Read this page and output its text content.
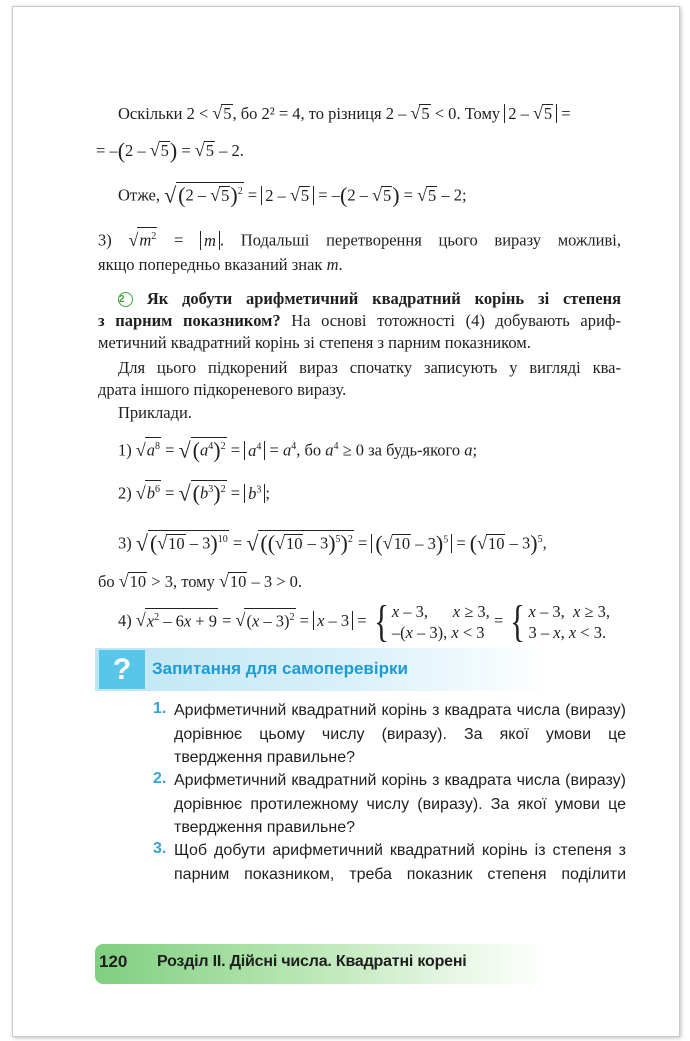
Оскільки 2 < √5, бо 2² = 4, то різниця 2 – √5 < 0. Тому 2 – √5 =
= –(2 – √5) = √5 – 2.
Отже, √(2 – √5)$^2$ = 2 – √5 = –(2 – √5) = √5 – 2;
3) $√m^2 = m$ . Подальші перетворення цього виразу можливі,
якщо попередньо вказаний знак m.
2 Як добути арифметичний квадратний корінь зі степеня
з парним показником? На основі тотожності (4) добувають ариф-
метичний квадратний корінь зі степеня з парним показником.
Для цього підкорений вираз спочатку записують у вигляді ква-
драта іншого підкореневого виразу.
Приклади.
1) $√a^8 = √(a^4)^2 = a^4 = a^4$, бо $a^4 \ge 0$ за будь-якого a;
2) $√b^6 = √(b^3)^2 = b^3$ ;
3) √(√10 – 3)$^{10}$ = √((√10 – 3)$^5$)$^2$ = (√10 – 3)$^5$ = (√10 – 3)$^5$,
бо √10 > 3, тому √10 – 3 > 0.
4) $√x^2 - 6x + 9 = √(x - 3)^2 = x - 3$ = { x – 3,      x ≥ 3,
–(x – 3), x < 3 = { x – 3,  x ≥ 3,
3 – x, x < 3.
?	Запитання для самоперевірки
1. Арифметичний квадратний корінь з квадрата числа (виразу) дорівнює цьому числу (виразу). За якої умови це твердження правильне?
2. Арифметичний квадратний корінь з квадрата числа (виразу) дорівнює протилежному числу (виразу). За якої умови це твердження правильне?
3. Щоб добути арифметичний квадратний корінь із степеня з парним показником, треба показник степеня поділити
120 Розділ II. Дійсні числа. Квадратні корені
